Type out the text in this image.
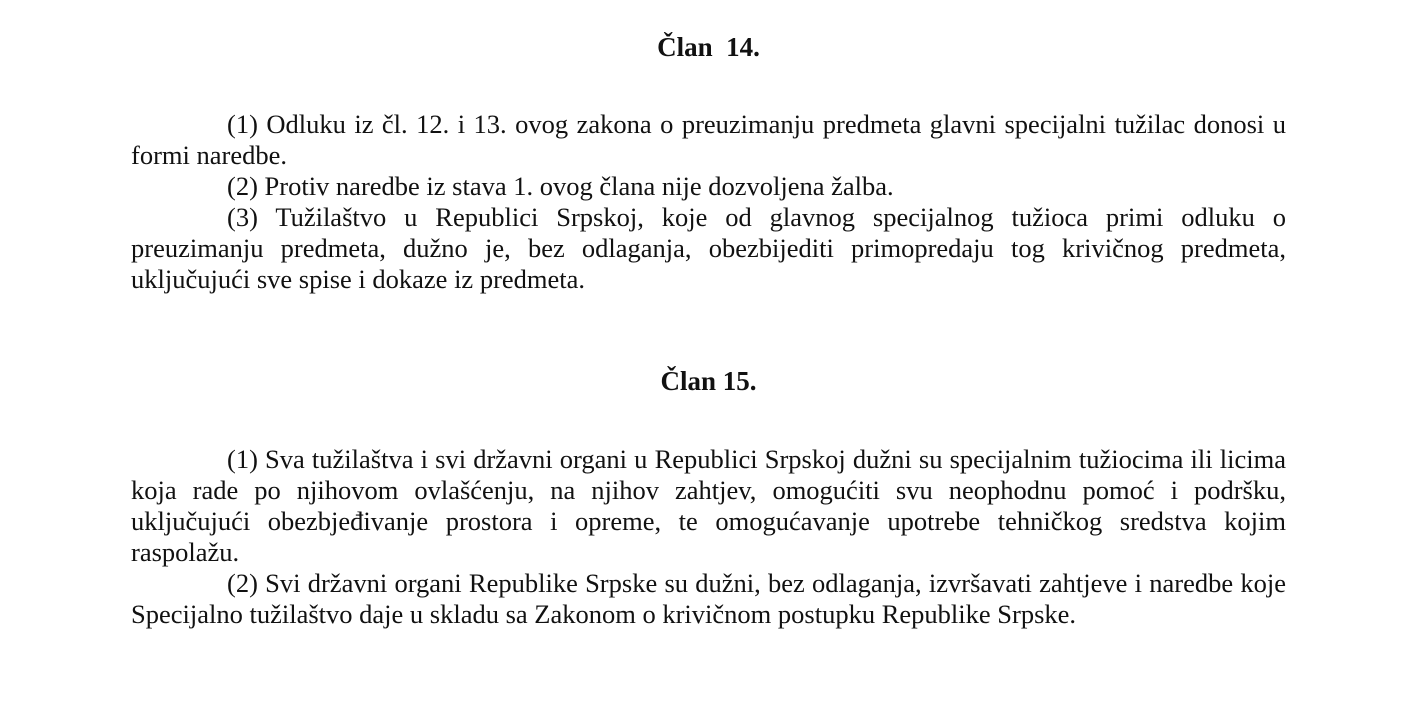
Član  14.

(1) Odluku iz čl. 12. i 13. ovog zakona o preuzimanju predmeta glavni specijalni tužilac donosi u formi naredbe.

(2) Protiv naredbe iz stava 1. ovog člana nije dozvoljena žalba.

(3) Tužilaštvo u Republici Srpskoj, koje od glavnog specijalnog tužioca primi odluku o preuzimanju predmeta, dužno je, bez odlaganja, obezbijediti primopredaju tog krivičnog predmeta, uključujući sve spise i dokaze iz predmeta.

Član 15.

(1) Sva tužilaštva i svi državni organi u Republici Srpskoj dužni su specijalnim tužiocima ili licima koja rade po njihovom ovlašćenju, na njihov zahtjev, omogućiti svu neophodnu pomoć i podršku, uključujući obezbjeđivanje prostora i opreme, te omogućavanje upotrebe tehničkog sredstva kojim raspolažu.

(2) Svi državni organi Republike Srpske su dužni, bez odlaganja, izvršavati zahtjeve i naredbe koje Specijalno tužilaštvo daje u skladu sa Zakonom o krivičnom postupku Republike Srpske.
